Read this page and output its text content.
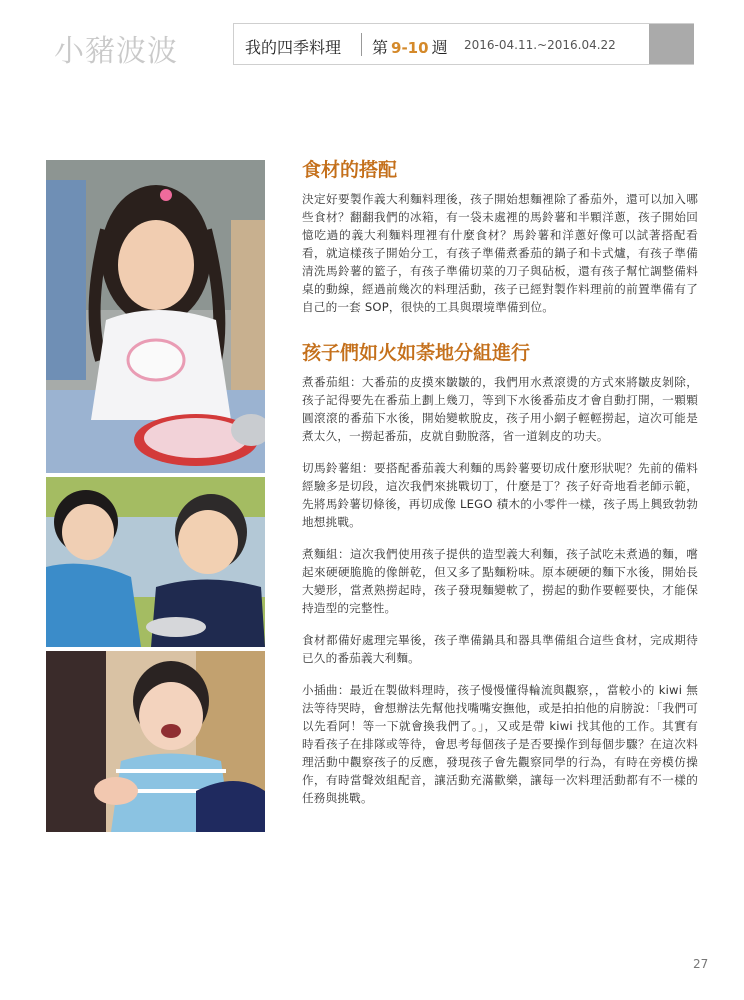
小豬波波	我的四季料理 第 9-10 週 2016-04.11.~2016.04.22
食材的搭配

決定好要製作義大利麵料理後，孩子開始想麵裡除了番茄外，還可以加入哪些食材？翻翻我們的冰箱，有一袋未處裡的馬鈴薯和半顆洋蔥，孩子開始回憶吃過的義大利麵料理裡有什麼食材？馬鈴薯和洋蔥好像可以試著搭配看看，就這樣孩子開始分工，有孩子準備煮番茄的鍋子和卡式爐，有孩子準備清洗馬鈴薯的籃子，有孩子準備切菜的刀子與砧板，還有孩子幫忙調整備料桌的動線，經過前幾次的料理活動，孩子已經對製作料理前的前置準備有了自己的一套 SOP，很快的工具與環境準備到位。

孩子們如火如荼地分組進行

煮番茄組：大番茄的皮摸來皺皺的，我們用水煮滾燙的方式來將皺皮剝除，孩子記得要先在番茄上劃上幾刀，等到下水後番茄皮才會自動打開，一顆顆圓滾滾的番茄下水後，開始變軟脫皮，孩子用小網子輕輕撈起，這次可能是煮太久，一撈起番茄，皮就自動脫落，省一道剝皮的功夫。

切馬鈴薯組：要搭配番茄義大利麵的馬鈴薯要切成什麼形狀呢？先前的備料經驗多是切段，這次我們來挑戰切丁，什麼是丁？孩子好奇地看老師示範，先將馬鈴薯切條後，再切成像 LEGO 積木的小零件一樣，孩子馬上興致勃勃地想挑戰。

煮麵組：這次我們使用孩子提供的造型義大利麵，孩子試吃未煮過的麵，嚐起來硬硬脆脆的像餅乾，但又多了點麵粉味。原本硬硬的麵下水後，開始長大變形，當煮熟撈起時，孩子發現麵變軟了，撈起的動作要輕要快，才能保持造型的完整性。

食材都備好處理完畢後，孩子準備鍋具和器具準備組合這些食材，完成期待已久的番茄義大利麵。

小插曲：最近在製做料理時，孩子慢慢懂得輪流與觀察，，當較小的 kiwi 無法等待哭時，會想辦法先幫他找嘴嘴安撫他，或是拍拍他的肩膀說：「我們可以先看阿！等一下就會換我們了。」，又或是帶 kiwi 找其他的工作。其實有時看孩子在排隊或等待，會思考每個孩子是否要操作到每個步驟？在這次料理活動中觀察孩子的反應，發現孩子會先觀察同學的行為，有時在旁模仿操作，有時當聲效組配音，讓活動充滿歡樂，讓每一次料理活動都有不一樣的任務與挑戰。

27
